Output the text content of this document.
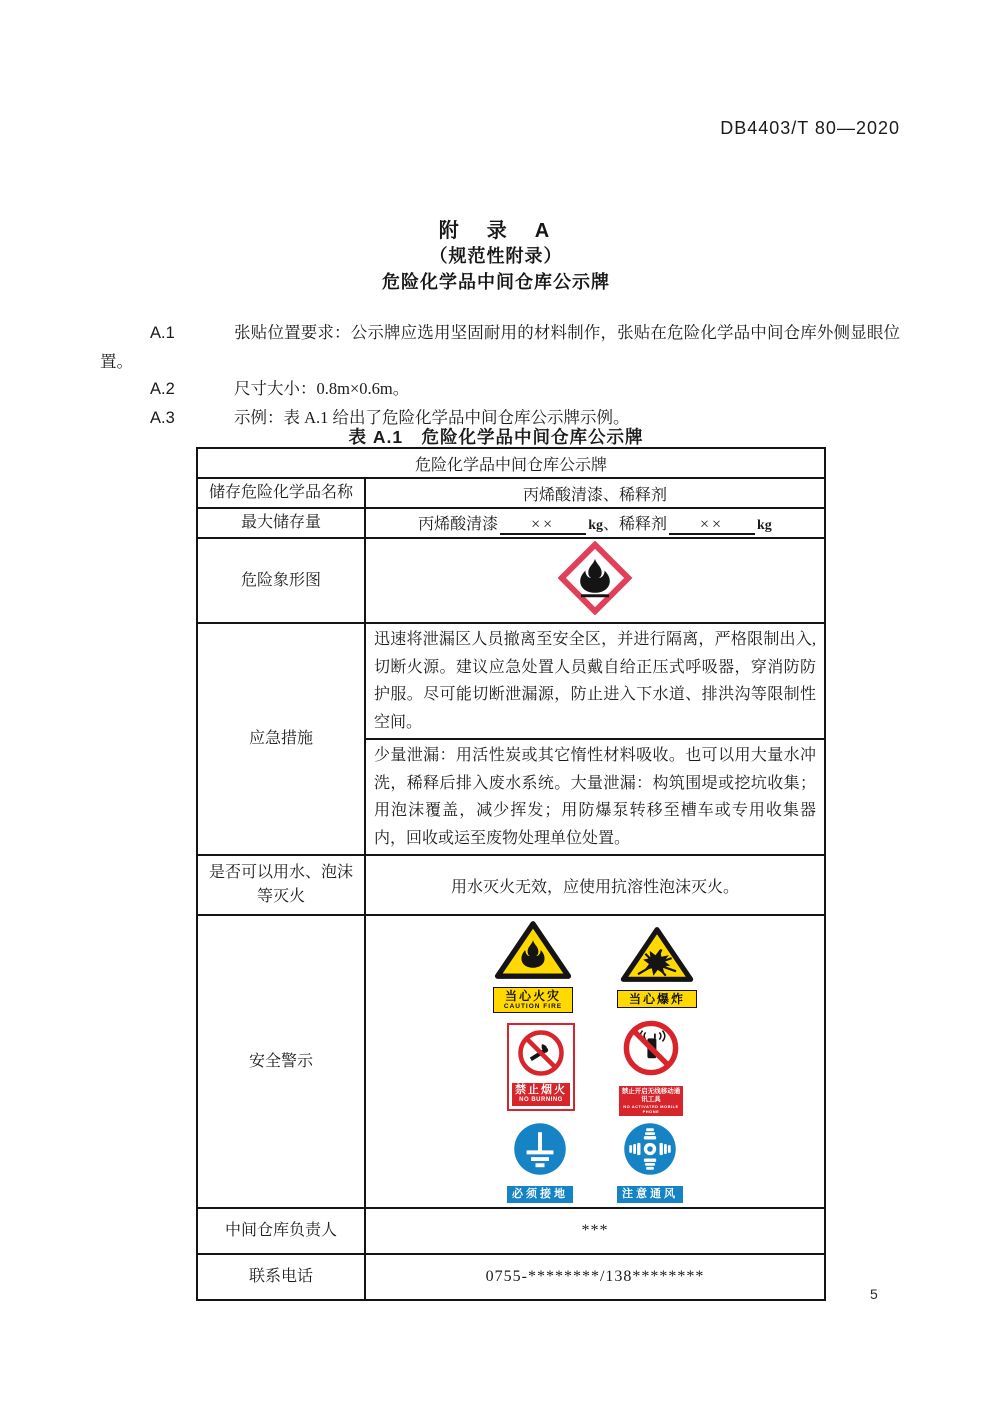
DB4403/T 80—2020
附　录　A
（规范性附录）
危险化学品中间仓库公示牌

A.1	张贴位置要求：公示牌应选用坚固耐用的材料制作，张贴在危险化学品中间仓库外侧显眼位置。

A.2	尺寸大小：0.8m×0.6m。

A.3	示例：表 A.1 给出了危险化学品中间仓库公示牌示例。

表 A.1　危险化学品中间仓库公示牌
危险化学品中间仓库公示牌	
储存危险化学品名称	丙烯酸清漆、稀释剂
最大储存量	丙烯酸清漆 ×× kg、稀释剂 ×× kg
危险象形图	
应急措施	迅速将泄漏区人员撤离至安全区，并进行隔离，严格限制出入,切断火源。建议应急处置人员戴自给正压式呼吸器，穿消防防护服。尽可能切断泄漏源，防止进入下水道、排洪沟等限制性空间。
	少量泄漏：用活性炭或其它惰性材料吸收。也可以用大量水冲洗，稀释后排入废水系统。大量泄漏：构筑围堤或挖坑收集；用泡沫覆盖，减少挥发；用防爆泵转移至槽车或专用收集器内，回收或运至废物处理单位处置。
是否可以用水、泡沫等灭火	用水灭火无效，应使用抗溶性泡沫灭火。
安全警示	
当心火灾
CAUTION FIRE
当心爆炸
禁止烟火
NO BURNING
禁止开启无线移动通讯工具
NO ACTIVATED MOBILE PHONE
必须接地	注意通风

中间仓库负责人	***
联系电话	0755-********/138********
5
